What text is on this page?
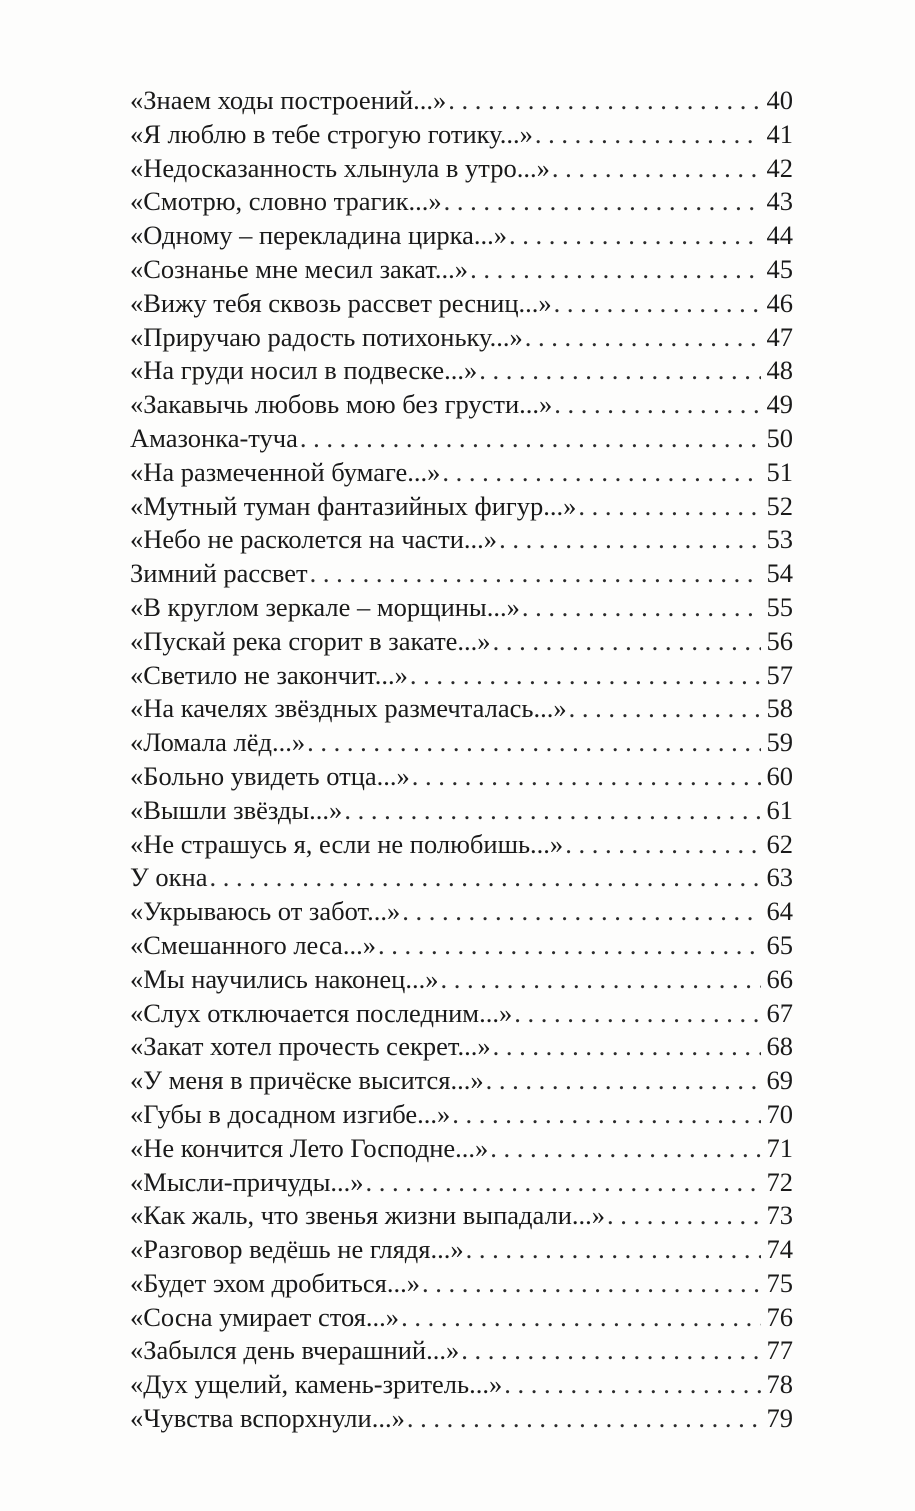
«Знаем ходы построений...» . . .	40
«Я люблю в тебе строгую готику...» . . .	41
«Недосказанность хлынула в утро...» . . .	42
«Смотрю, словно трагик...» . . .	43
«Одному – перекладина цирка...» . . .	44
«Сознанье мне месил закат...» . . .	45
«Вижу тебя сквозь рассвет ресниц...» . . .	46
«Приручаю радость потихоньку...» . . .	47
«На груди носил в подвеске...» . . .	48
«Закавычь любовь мою без грусти...» . . .	49
Амазонка-туча . . .	50
«На размеченной бумаге...» . . .	51
«Мутный туман фантазийных фигур...» . . .	52
«Небо не расколется на части...» . . .	53
Зимний рассвет . . .	54
«В круглом зеркале – морщины...» . . .	55
«Пускай река сгорит в закате...» . . .	56
«Светило не закончит...» . . .	57
«На качелях звёздных размечталась...» . . .	58
«Ломала лёд...» . . .	59
«Больно увидеть отца...» . . .	60
«Вышли звёзды...» . . .	61
«Не страшусь я, если не полюбишь...» . . .	62
У окна . . .	63
«Укрываюсь от забот...» . . .	64
«Смешанного леса...» . . .	65
«Мы научились наконец...» . . .	66
«Слух отключается последним...» . . .	67
«Закат хотел прочесть секрет...» . . .	68
«У меня в причёске высится...» . . .	69
«Губы в досадном изгибе...» . . .	70
«Не кончится Лето Господне...» . . .	71
«Мысли-причуды...» . . .	72
«Как жаль, что звенья жизни выпадали...» . . .	73
«Разговор ведёшь не глядя...» . . .	74
«Будет эхом дробиться...» . . .	75
«Сосна умирает стоя...» . . .	76
«Забылся день вчерашний...» . . .	77
«Дух ущелий, камень-зритель...» . . .	78
«Чувства вспорхнули...» . . .	79
